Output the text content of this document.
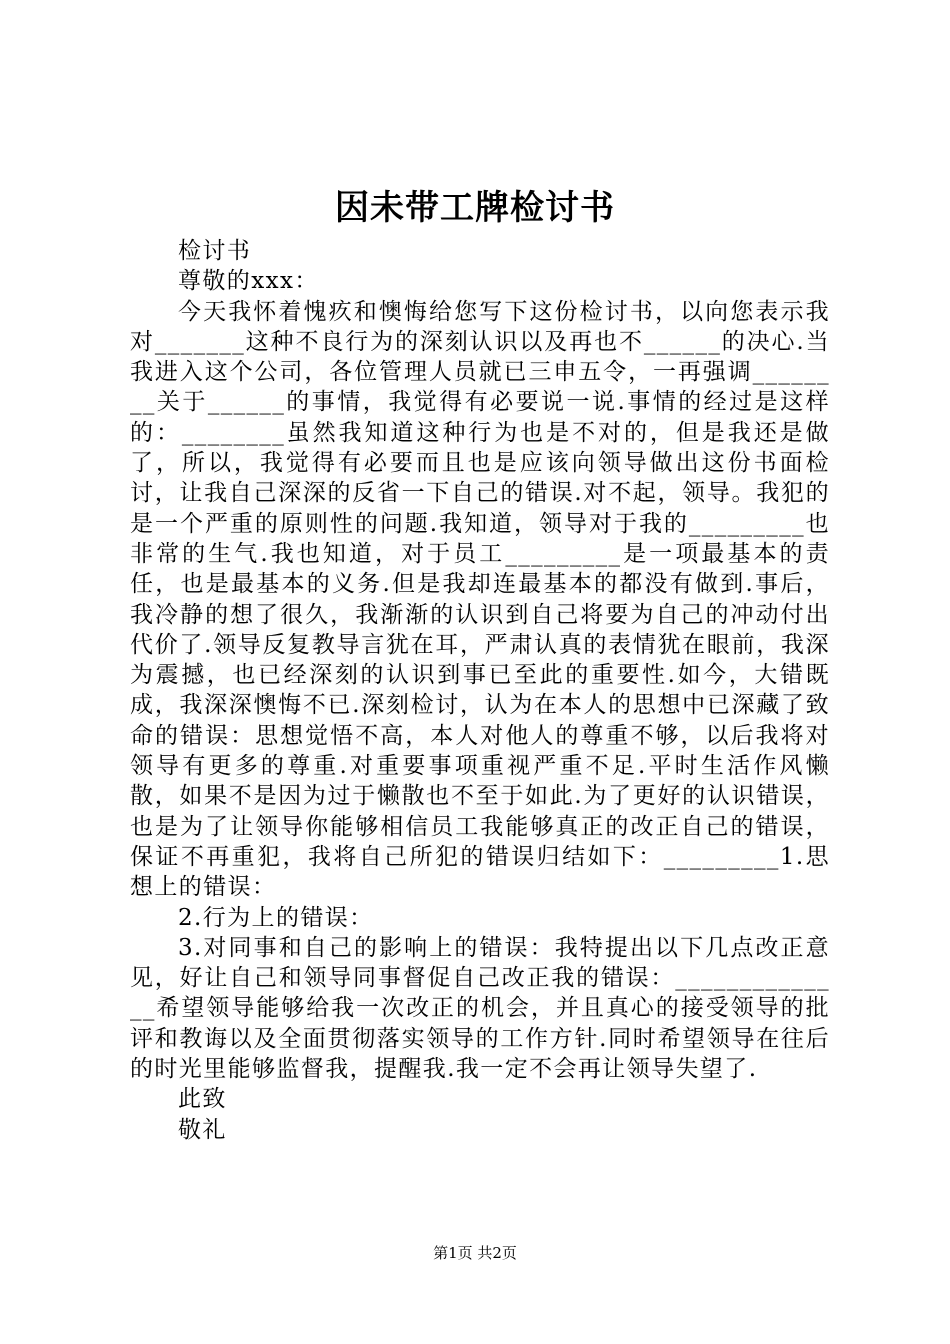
因未带工牌检讨书

检讨书

尊敬的xxx：

今天我怀着愧疚和懊悔给您写下这份检讨书，以向您表示我对_______这种不良行为的深刻认识以及再也不______的决心.当我进入这个公司，各位管理人员就已三申五令，一再强调________关于______的事情，我觉得有必要说一说.事情的经过是这样的：________虽然我知道这种行为也是不对的，但是我还是做了，所以，我觉得有必要而且也是应该向领导做出这份书面检讨，让我自己深深的反省一下自己的错误.对不起，领导。我犯的是一个严重的原则性的问题.我知道，领导对于我的_________也非常的生气.我也知道，对于员工_________是一项最基本的责任，也是最基本的义务.但是我却连最基本的都没有做到.事后，我冷静的想了很久，我渐渐的认识到自己将要为自己的冲动付出代价了.领导反复教导言犹在耳，严肃认真的表情犹在眼前，我深为震撼，也已经深刻的认识到事已至此的重要性.如今，大错既成，我深深懊悔不已.深刻检讨，认为在本人的思想中已深藏了致命的错误：思想觉悟不高，本人对他人的尊重不够，以后我将对领导有更多的尊重.对重要事项重视严重不足.平时生活作风懒散，如果不是因为过于懒散也不至于如此.为了更好的认识错误，也是为了让领导你能够相信员工我能够真正的改正自己的错误，保证不再重犯，我将自己所犯的错误归结如下：_________1.思想上的错误：

2.行为上的错误：

3.对同事和自己的影响上的错误：我特提出以下几点改正意见，好让自己和领导同事督促自己改正我的错误：______________希望领导能够给我一次改正的机会，并且真心的接受领导的批评和教诲以及全面贯彻落实领导的工作方针.同时希望领导在往后的时光里能够监督我，提醒我.我一定不会再让领导失望了.

此致

敬礼

第1页 共2页
